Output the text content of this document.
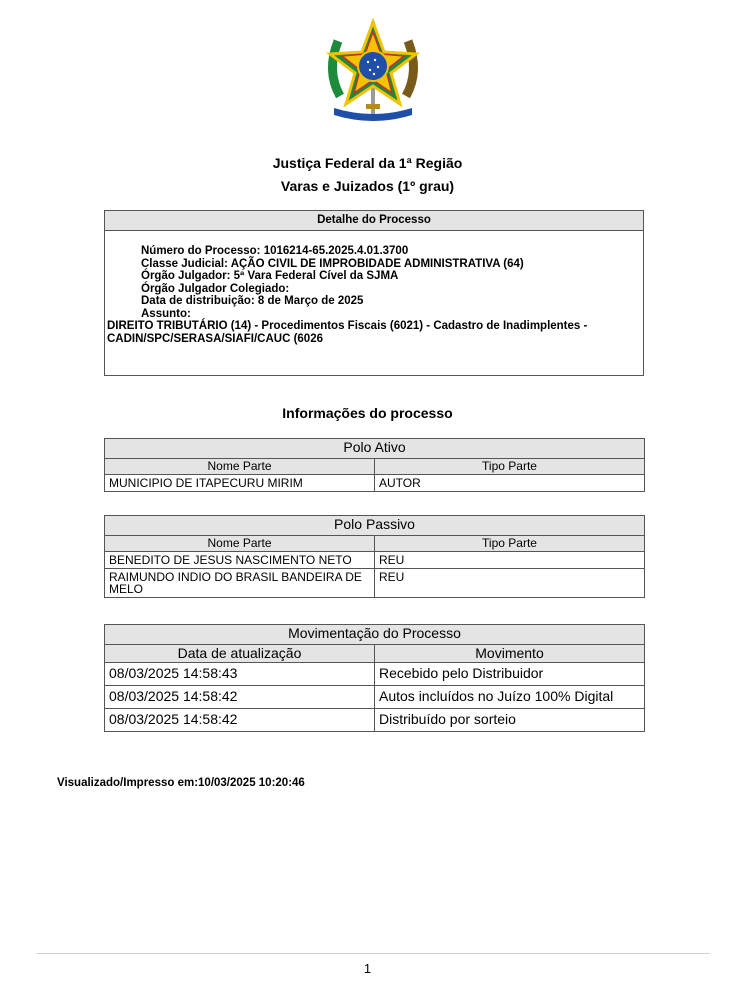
Justiça Federal da 1ª Região
Varas e Juizados (1º grau)
Detalhe do Processo
Número do Processo: 1016214-65.2025.4.01.3700
Classe Judicial: AÇÃO CIVIL DE IMPROBIDADE ADMINISTRATIVA (64)
Órgão Julgador: 5ª Vara Federal Cível da SJMA
Órgão Julgador Colegiado:
Data de distribuição: 8 de Março de 2025
Assunto:
DIREITO TRIBUTÁRIO (14) - Procedimentos Fiscais (6021) - Cadastro de Inadimplentes - CADIN/SPC/SERASA/SIAFI/CAUC (6026
Informações do processo
Polo Ativo	
Nome Parte	Tipo Parte
MUNICIPIO DE ITAPECURU MIRIM	AUTOR
Polo Passivo	
Nome Parte	Tipo Parte
BENEDITO DE JESUS NASCIMENTO NETO	REU
RAIMUNDO INDIO DO BRASIL BANDEIRA DE MELO	REU
Movimentação do Processo	
Data de atualização	Movimento
08/03/2025 14:58:43	Recebido pelo Distribuidor
08/03/2025 14:58:42	Autos incluídos no Juízo 100% Digital
08/03/2025 14:58:42	Distribuído por sorteio
Visualizado/Impresso em:10/03/2025 10:20:46
1
